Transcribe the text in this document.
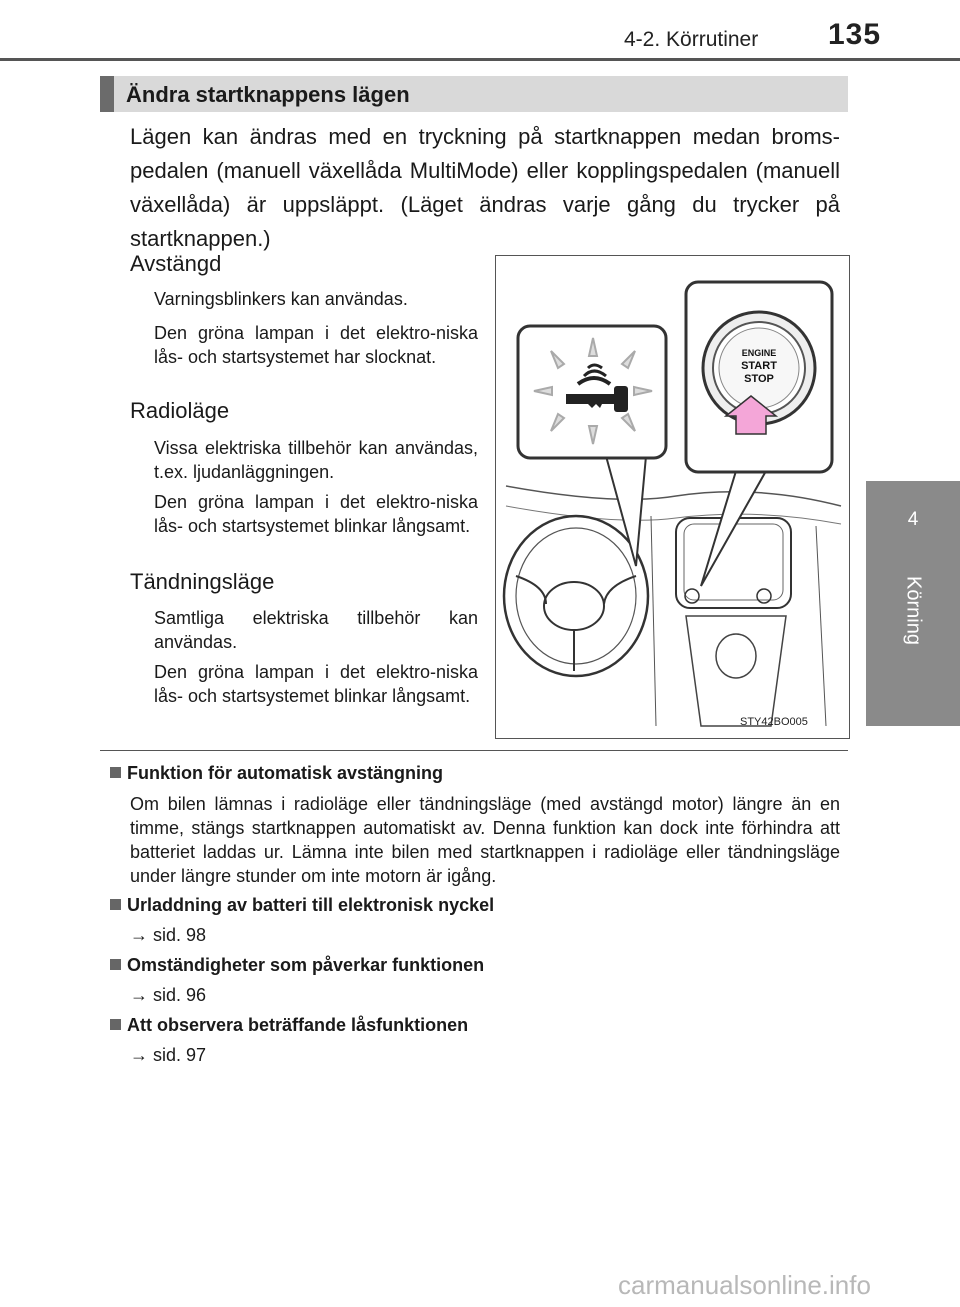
4-2. Körrutiner 135
4
Körning
Ändra startknappens lägen
Lägen kan ändras med en tryckning på startknappen medan broms-pedalen (manuell växellåda MultiMode) eller kopplingspedalen (manuell växellåda) är uppsläppt. (Läget ändras varje gång du trycker på startknappen.)
Avstängd
Varningsblinkers kan användas.
Den gröna lampan i det elektro-niska lås- och startsystemet har slocknat.
Radioläge
Vissa elektriska tillbehör kan användas, t.ex. ljudanläggningen.
Den gröna lampan i det elektro-niska lås- och startsystemet blinkar långsamt.
Tändningsläge
Samtliga elektriska tillbehör kan användas.
Den gröna lampan i det elektro-niska lås- och startsystemet blinkar långsamt.
ENGINE
START
STOP
STY42BO005
Funktion för automatisk avstängning
Om bilen lämnas i radioläge eller tändningsläge (med avstängd motor) längre än en timme, stängs startknappen automatiskt av. Denna funktion kan dock inte förhindra att batteriet laddas ur. Lämna inte bilen med startknappen i radioläge eller tändningsläge under längre stunder om inte motorn är igång.
Urladdning av batteri till elektronisk nyckel
→ sid. 98
Omständigheter som påverkar funktionen
→ sid. 96
Att observera beträffande låsfunktionen
→ sid. 97
carmanualsonline.info
